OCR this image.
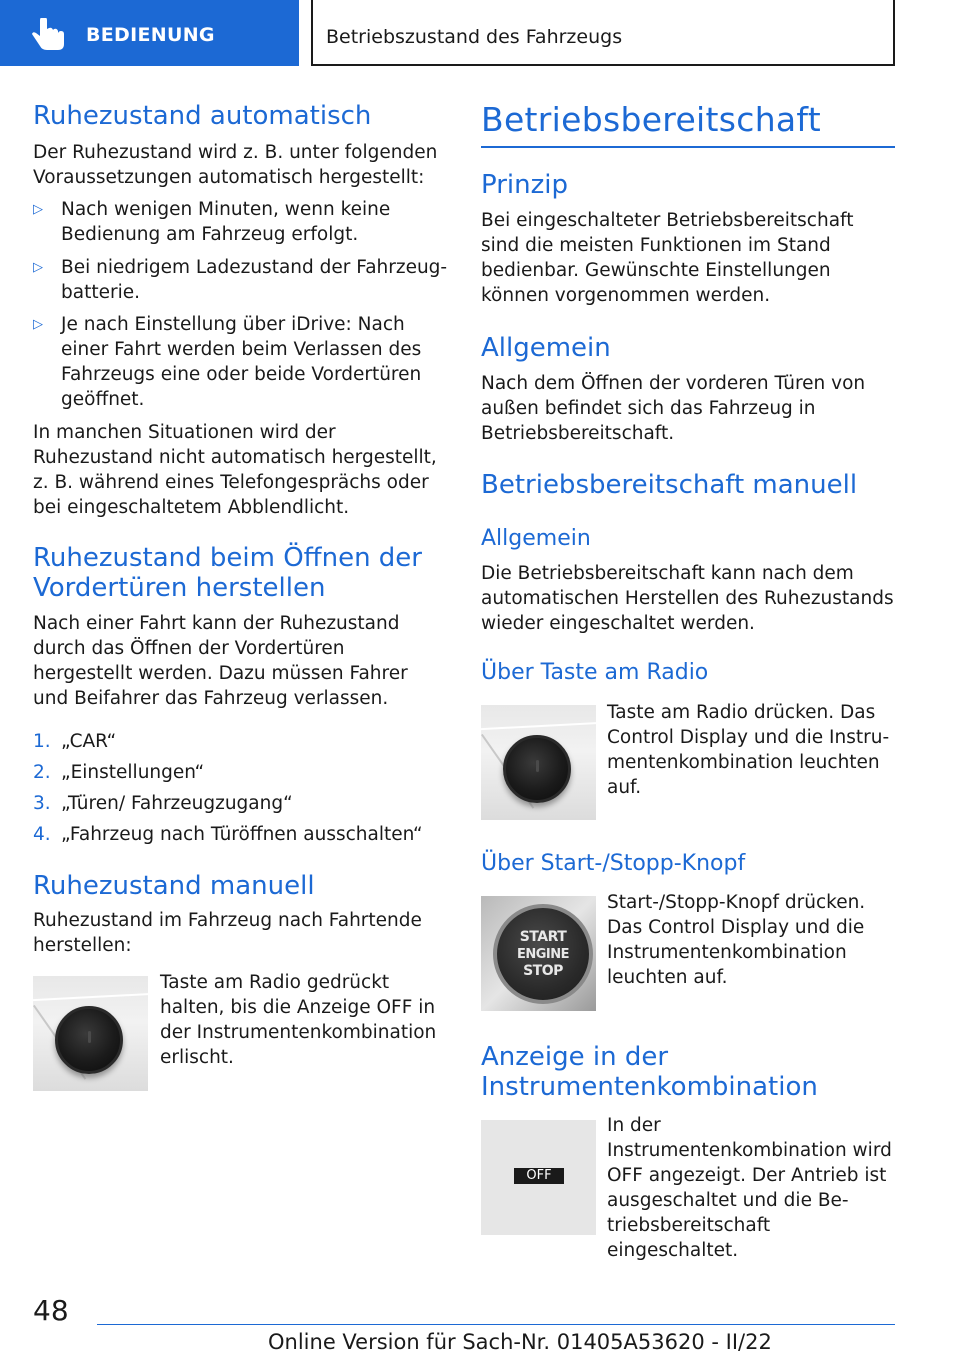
BEDIENUNG	Betriebszustand des Fahrzeugs
Ruhezustand automatisch
Der Ruhezustand wird z. B. unter folgenden Voraussetzungen automatisch hergestellt:
▷ Nach wenigen Minuten, wenn keine Bedienung am Fahrzeug erfolgt.
▷ Bei niedrigem Ladezustand der Fahrzeugbatterie.
▷ Je nach Einstellung über iDrive: Nach einer Fahrt werden beim Verlassen des Fahrzeugs eine oder beide Vordertüren geöffnet.
In manchen Situationen wird der Ruhezustand nicht automatisch hergestellt, z. B. während eines Telefongesprächs oder bei eingeschaltetem Abblendlicht.
Ruhezustand beim Öffnen der Vordertüren herstellen
Nach einer Fahrt kann der Ruhezustand durch das Öffnen der Vordertüren hergestellt werden. Dazu müssen Fahrer und Beifahrer das Fahrzeug verlassen.
1. „CAR“
2. „Einstellungen“
3. „Türen/ Fahrzeugzugang“
4. „Fahrzeug nach Türöffnen ausschalten“
Ruhezustand manuell
Ruhezustand im Fahrzeug nach Fahrtende herstellen:
Taste am Radio gedrückt halten, bis die Anzeige OFF in der Instrumentenkombination erlischt.
Betriebsbereitschaft
Prinzip
Bei eingeschalteter Betriebsbereitschaft sind die meisten Funktionen im Stand bedienbar. Gewünschte Einstellungen können vorgenommen werden.
Allgemein
Nach dem Öffnen der vorderen Türen von außen befindet sich das Fahrzeug in Betriebsbereitschaft.
Betriebsbereitschaft manuell
Allgemein
Die Betriebsbereitschaft kann nach dem automatischen Herstellen des Ruhezustands wieder eingeschaltet werden.
Über Taste am Radio
Taste am Radio drücken. Das Control Display und die Instrumentenkombination leuchten auf.
Über Start-/Stopp-Knopf
START
ENGINE
STOP
Start-/Stopp-Knopf drücken. Das Control Display und die Instrumentenkombination leuchten auf.
Anzeige in der Instrumentenkombination
OFF
In der Instrumentenkombination wird OFF angezeigt. Der Antrieb ist ausgeschaltet und die Betriebsbereitschaft eingeschaltet.
48
Online Version für Sach-Nr. 01405A53620 - II/22
